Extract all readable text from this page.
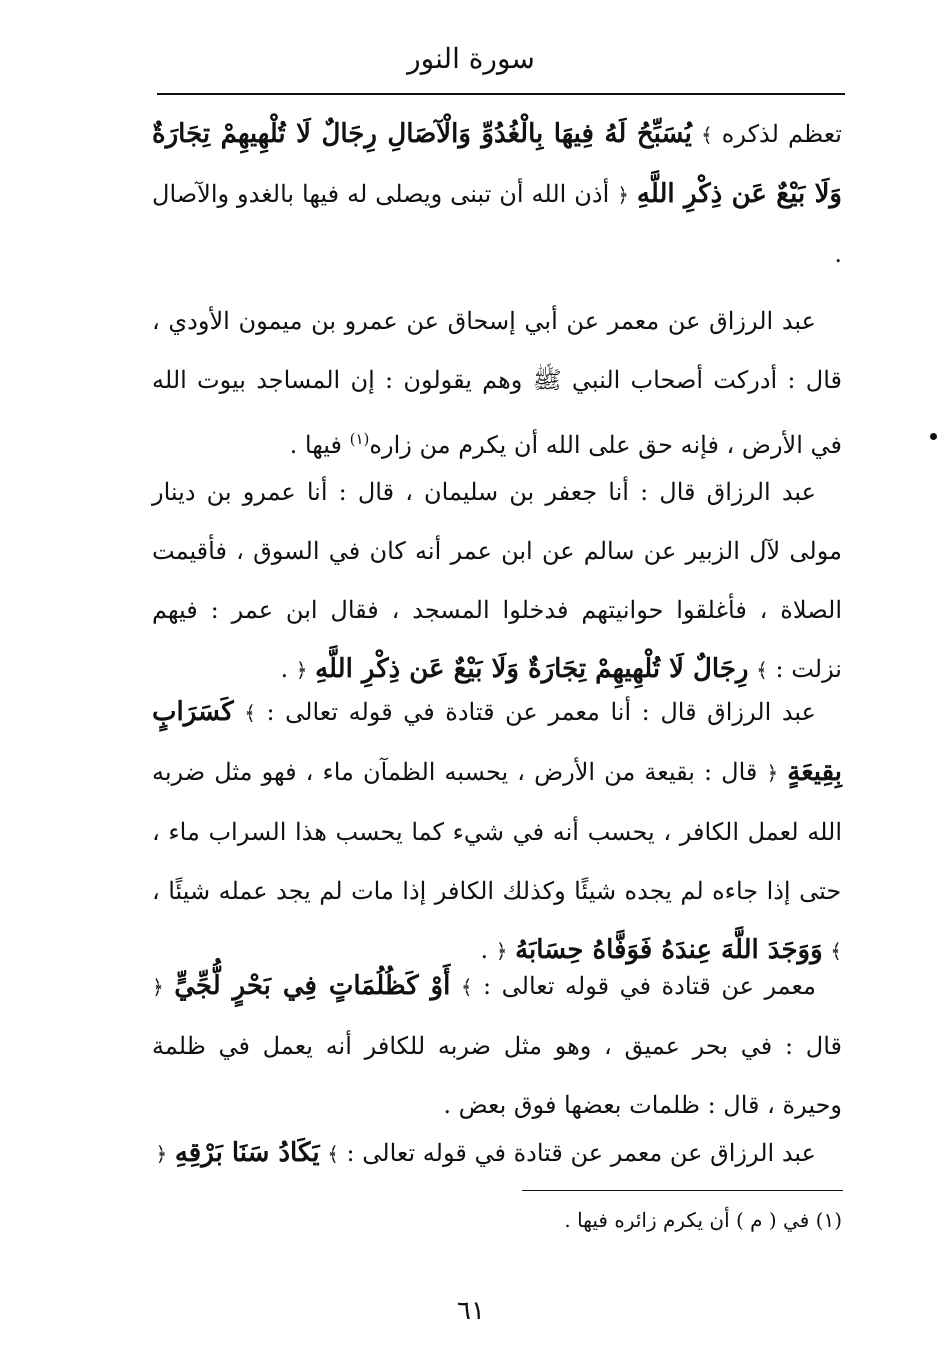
سورة النور

تعظم لذكره ﴾ يُسَبِّحُ لَهُ فِيهَا بِالْغُدُوِّ وَالْآصَالِ رِجَالٌ لَا تُلْهِيهِمْ تِجَارَةٌ وَلَا بَيْعٌ عَن ذِكْرِ اللَّهِ ﴿ أذن الله أن تبنى ويصلى له فيها بالغدو والآصال .

عبد الرزاق عن معمر عن أبي إسحاق عن عمرو بن ميمون الأودي ، قال : أدركت أصحاب النبي ﷺ وهم يقولون : إن المساجد بيوت الله في الأرض ، فإنه حق على الله أن يكرم من زاره$^{(١)}$ فيها .

عبد الرزاق قال : أنا جعفر بن سليمان ، قال : أنا عمرو بن دينار مولى لآل الزبير عن سالم عن ابن عمر أنه كان في السوق ، فأقيمت الصلاة ، فأغلقوا حوانيتهم فدخلوا المسجد ، فقال ابن عمر : فيهم نزلت : ﴾ رِجَالٌ لَا تُلْهِيهِمْ تِجَارَةٌ وَلَا بَيْعٌ عَن ذِكْرِ اللَّهِ ﴿ .

عبد الرزاق قال : أنا معمر عن قتادة في قوله تعالى : ﴾ كَسَرَابٍ بِقِيعَةٍ ﴿ قال : بقيعة من الأرض ، يحسبه الظمآن ماء ، فهو مثل ضربه الله لعمل الكافر ، يحسب أنه في شيء كما يحسب هذا السراب ماء ، حتى إذا جاءه لم يجده شيئًا وكذلك الكافر إذا مات لم يجد عمله شيئًا ، ﴾ وَوَجَدَ اللَّهَ عِندَهُ فَوَفَّاهُ حِسَابَهُ ﴿ .

معمر عن قتادة في قوله تعالى : ﴾ أَوْ كَظُلُمَاتٍ فِي بَحْرٍ لُّجِّيٍّ ﴿ قال : في بحر عميق ، وهو مثل ضربه للكافر أنه يعمل في ظلمة وحيرة ، قال : ظلمات بعضها فوق بعض .

عبد الرزاق عن معمر عن قتادة في قوله تعالى : ﴾ يَكَادُ سَنَا بَرْقِهِ ﴿

(١) في ( م ) أن يكرم زائره فيها .
٦١
